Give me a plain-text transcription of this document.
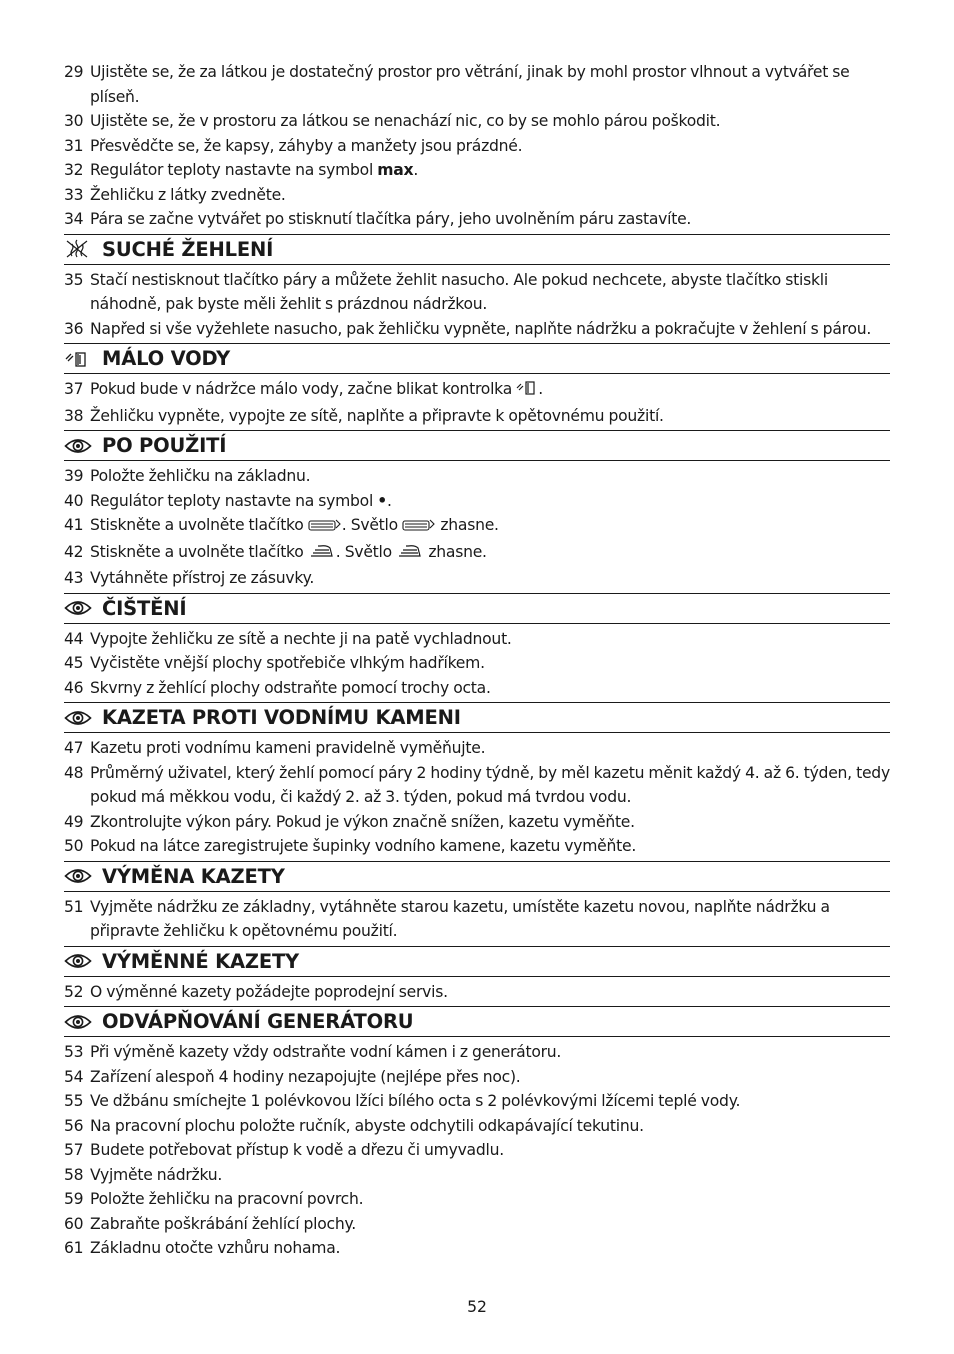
29 Ujistěte se, že za látkou je dostatečný prostor pro větrání, jinak by mohl prostor vlhnout a vytvářet se plíseň.
30 Ujistěte se, že v prostoru za látkou se nenachází nic, co by se mohlo párou poškodit.
31 Přesvědčte se, že kapsy, záhyby a manžety jsou prázdné.
32 Regulátor teploty nastavte na symbol max.
33 Žehličku z látky zvedněte.
34 Pára se začne vytvářet po stisknutí tlačítka páry, jeho uvolněním páru zastavíte.
SUCHÉ ŽEHLENÍ
35 Stačí nestisknout tlačítko páry a můžete žehlit nasucho. Ale pokud nechcete, abyste tlačítko stiskli náhodně, pak byste měli žehlit s prázdnou nádržkou.
36 Napřed si vše vyžehlete nasucho, pak žehličku vypněte, naplňte nádržku a pokračujte v žehlení s párou.
MÁLO VODY
37 Pokud bude v nádržce málo vody, začne blikat kontrolka .
38 Žehličku vypněte, vypojte ze sítě, naplňte a připravte k opětovnému použití.
PO POUŽITÍ
39 Položte žehličku na základnu.
40 Regulátor teploty nastavte na symbol •.
41 Stiskněte a uvolněte tlačítko . Světlo  zhasne.
42 Stiskněte a uvolněte tlačítko . Světlo  zhasne.
43 Vytáhněte přístroj ze zásuvky.
ČIŠTĚNÍ
44 Vypojte žehličku ze sítě a nechte ji na patě vychladnout.
45 Vyčistěte vnější plochy spotřebiče vlhkým hadříkem.
46 Skvrny z žehlící plochy odstraňte pomocí trochy octa.
KAZETA PROTI VODNÍMU KAMENI
47 Kazetu proti vodnímu kameni pravidelně vyměňujte.
48 Průměrný uživatel, který žehlí pomocí páry 2 hodiny týdně, by měl kazetu měnit každý 4. až 6. týden, tedy pokud má měkkou vodu, či každý 2. až 3. týden, pokud má tvrdou vodu.
49 Zkontrolujte výkon páry. Pokud je výkon značně snížen, kazetu vyměňte.
50 Pokud na látce zaregistrujete šupinky vodního kamene, kazetu vyměňte.
VÝMĚNA KAZETY
51 Vyjměte nádržku ze základny, vytáhněte starou kazetu, umístěte kazetu novou, naplňte nádržku a připravte žehličku k opětovnému použití.
VÝMĚNNÉ KAZETY
52 O výměnné kazety požádejte poprodejní servis.
ODVÁPŇOVÁNÍ GENERÁTORU
53 Při výměně kazety vždy odstraňte vodní kámen i z generátoru.
54 Zařízení alespoň 4 hodiny nezapojujte (nejlépe přes noc).
55 Ve džbánu smíchejte 1 polévkovou lžíci bílého octa s 2 polévkovými lžícemi teplé vody.
56 Na pracovní plochu položte ručník, abyste odchytili odkapávající tekutinu.
57 Budete potřebovat přístup k vodě a dřezu či umyvadlu.
58 Vyjměte nádržku.
59 Položte žehličku na pracovní povrch.
60 Zabraňte poškrábání žehlící plochy.
61 Základnu otočte vzhůru nohama.
52
